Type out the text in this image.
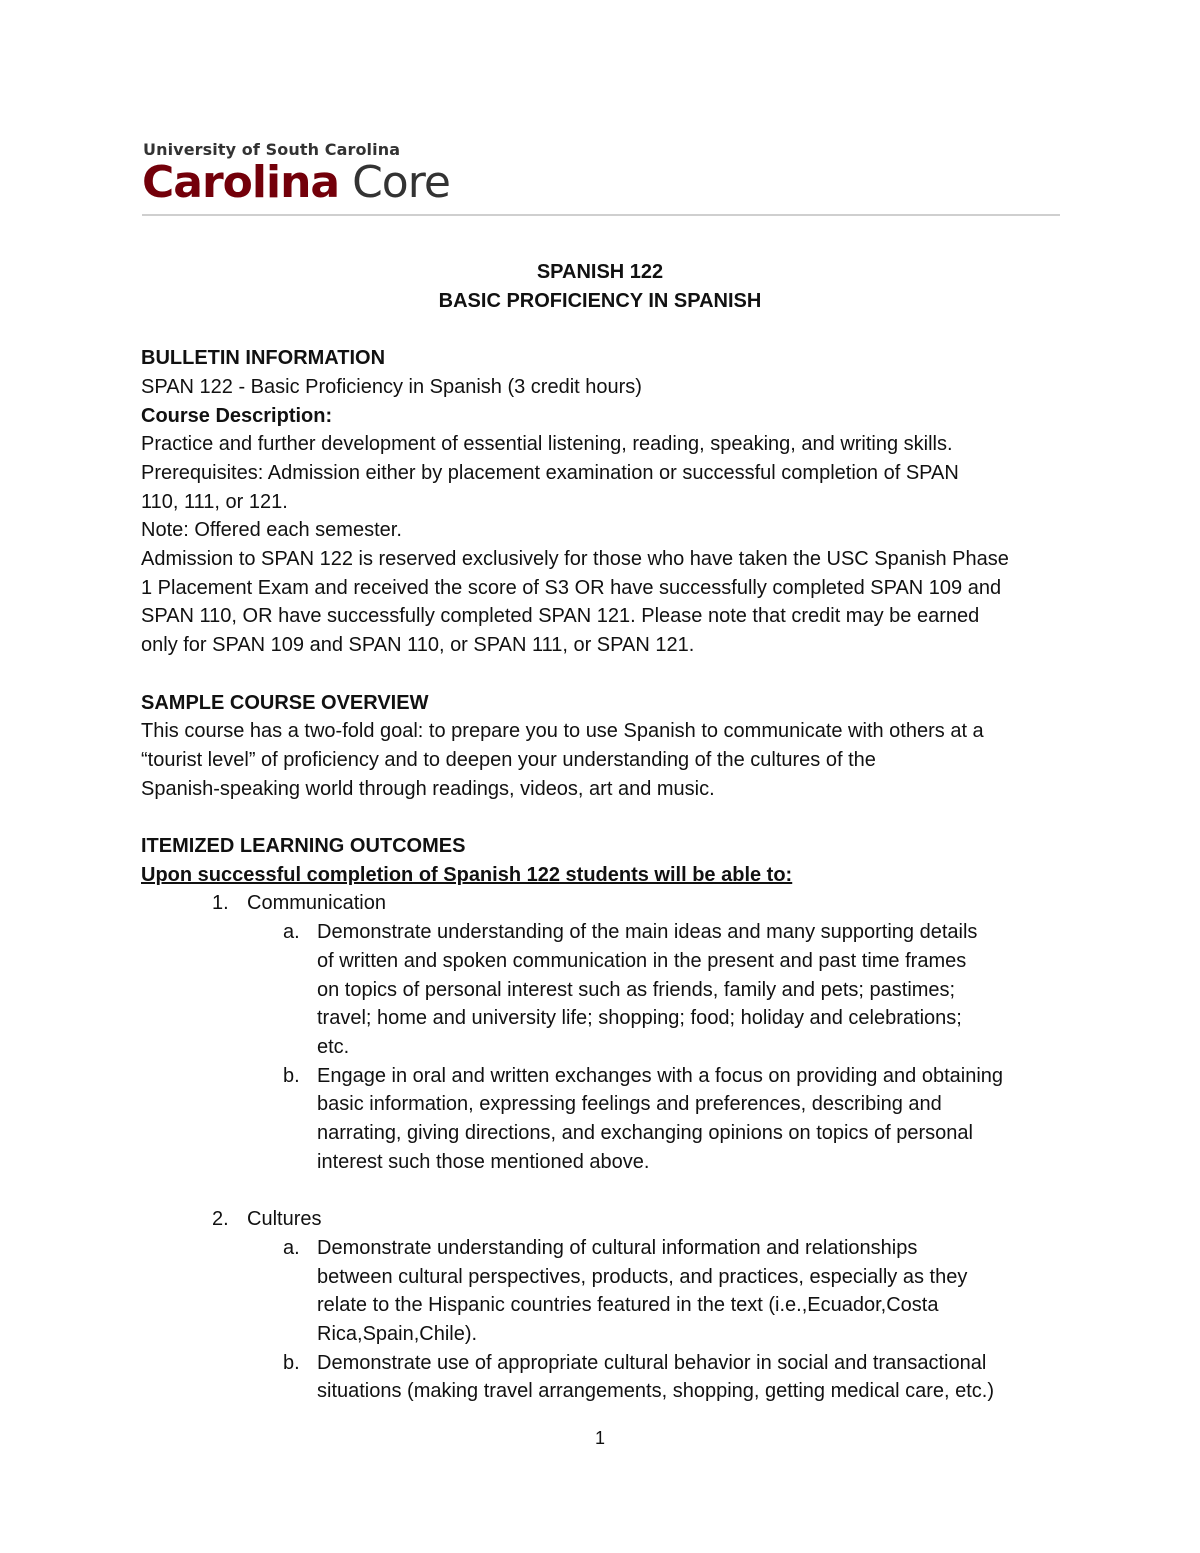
University of South Carolina
Carolina Core

SPANISH 122

BASIC PROFICIENCY IN SPANISH

BULLETIN INFORMATION

SPAN 122 - Basic Proficiency in Spanish (3 credit hours)

Course Description:

Practice and further development of essential listening, reading, speaking, and writing skills.

Prerequisites: Admission either by placement examination or successful completion of SPAN

110, 111, or 121.

Note: Offered each semester.

Admission to SPAN 122 is reserved exclusively for those who have taken the USC Spanish Phase

1 Placement Exam and received the score of S3 OR have successfully completed SPAN 109 and

SPAN 110, OR have successfully completed SPAN 121. Please note that credit may be earned

only for SPAN 109 and SPAN 110, or SPAN 111, or SPAN 121.

SAMPLE COURSE OVERVIEW

This course has a two-fold goal: to prepare you to use Spanish to communicate with others at a

“tourist level” of proficiency and to deepen your understanding of the cultures of the

Spanish-speaking world through readings, videos, art and music.

ITEMIZED LEARNING OUTCOMES

Upon successful completion of Spanish 122 students will be able to:

1. Communication
a. Demonstrate understanding of the main ideas and many supporting details

of written and spoken communication in the present and past time frames

on topics of personal interest such as friends, family and pets; pastimes;

travel; home and university life; shopping; food; holiday and celebrations;

etc.

b. Engage in oral and written exchanges with a focus on providing and obtaining

basic information, expressing feelings and preferences, describing and

narrating, giving directions, and exchanging opinions on topics of personal

interest such those mentioned above.

2. Cultures
a. Demonstrate understanding of cultural information and relationships

between cultural perspectives, products, and practices, especially as they

relate to the Hispanic countries featured in the text (i.e.,Ecuador,Costa

Rica,Spain,Chile).

b. Demonstrate use of appropriate cultural behavior in social and transactional

situations (making travel arrangements, shopping, getting medical care, etc.)

1
